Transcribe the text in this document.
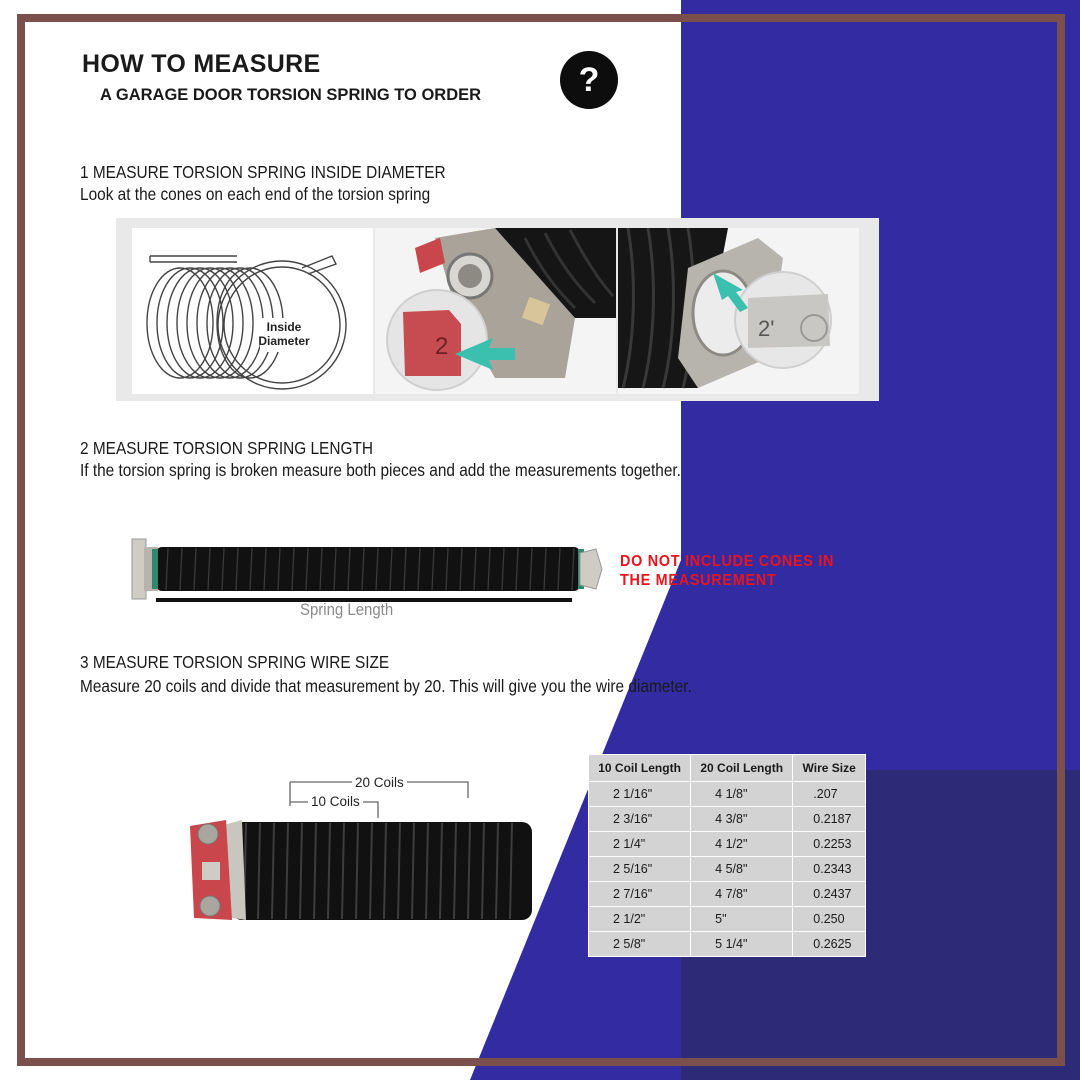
HOW TO MEASURE
A GARAGE DOOR TORSION SPRING TO ORDER	?
1 MEASURE TORSION SPRING INSIDE DIAMETER
Look at the cones on each end of the torsion spring
Inside
Diameter	2
2'
2 MEASURE TORSION SPRING LENGTH
If the torsion spring is broken measure both pieces and add the measurements together.
DO NOT INCLUDE CONES IN
THE MEASUREMENT
Spring Length
3 MEASURE TORSION SPRING WIRE SIZE
Measure 20 coils and divide that measurement by 20. This will give you the wire diameter.
20 Coils
10 Coils
10 Coil Length	20 Coil Length	Wire Size
2 1/16"	4 1/8"	.207
2 3/16"	4 3/8"	0.2187
2 1/4"	4 1/2"	0.2253
2 5/16"	4 5/8"	0.2343
2 7/16"	4 7/8"	0.2437
2 1/2"	5"	0.250
2 5/8"	5 1/4"	0.2625
